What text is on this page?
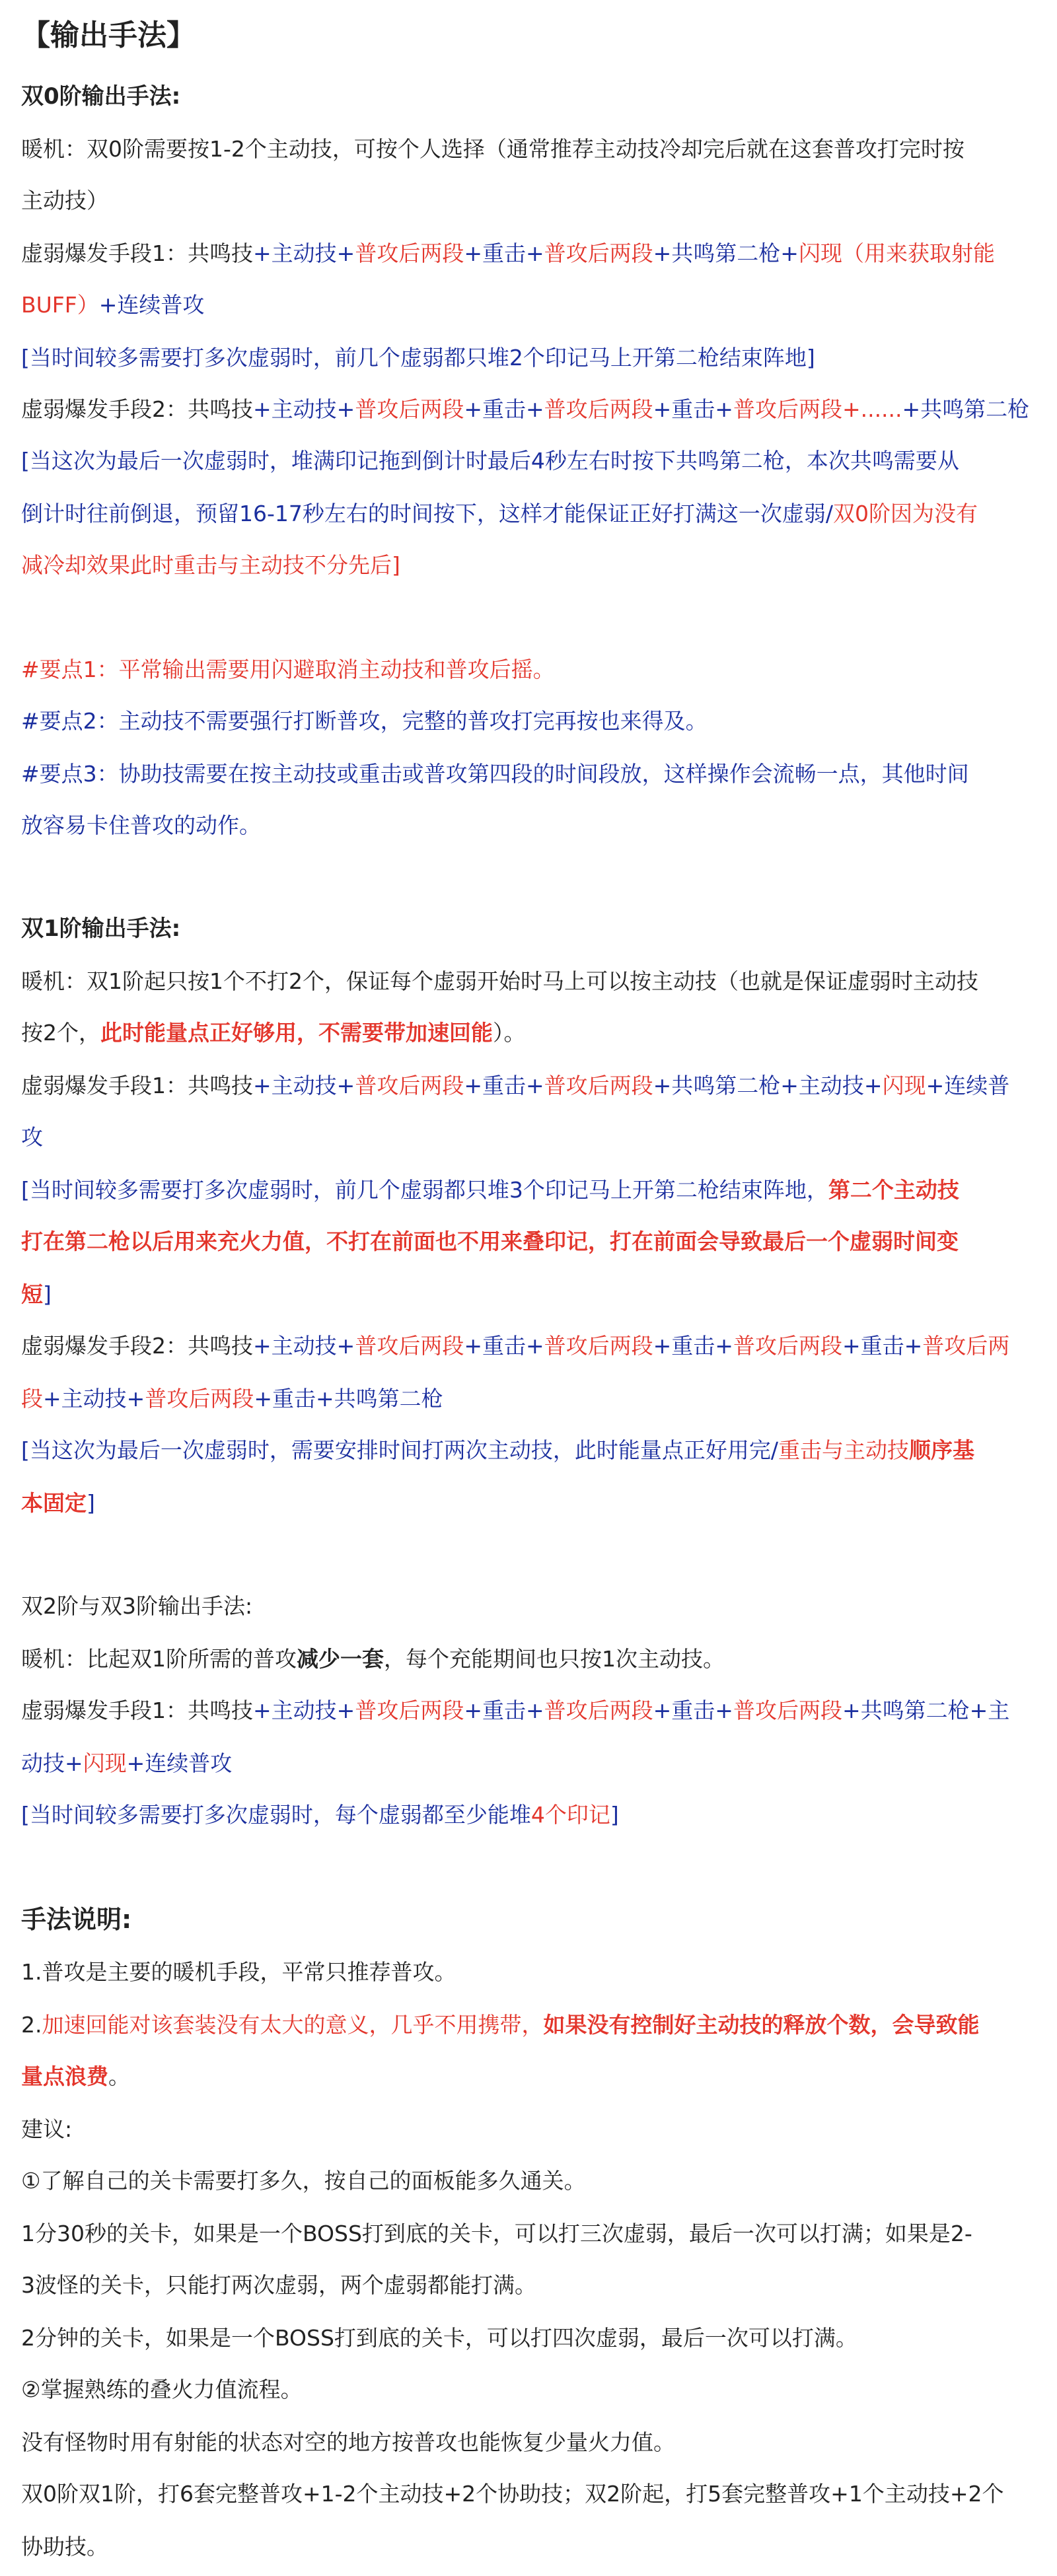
【输出手法】
双0阶输出手法:
暖机：双0阶需要按1-2个主动技，可按个人选择（通常推荐主动技冷却完后就在这套普攻打完时按
主动技）
虚弱爆发手段1：共鸣技+主动技+普攻后两段+重击+普攻后两段+共鸣第二枪+闪现（用来获取射能
BUFF）+连续普攻
[当时间较多需要打多次虚弱时，前几个虚弱都只堆2个印记马上开第二枪结束阵地]
虚弱爆发手段2：共鸣技+主动技+普攻后两段+重击+普攻后两段+重击+普攻后两段+......+共鸣第二枪
[当这次为最后一次虚弱时，堆满印记拖到倒计时最后4秒左右时按下共鸣第二枪，本次共鸣需要从
倒计时往前倒退，预留16-17秒左右的时间按下，这样才能保证正好打满这一次虚弱/双0阶因为没有
减冷却效果此时重击与主动技不分先后]
#要点1：平常输出需要用闪避取消主动技和普攻后摇。
#要点2：主动技不需要强行打断普攻，完整的普攻打完再按也来得及。
#要点3：协助技需要在按主动技或重击或普攻第四段的时间段放，这样操作会流畅一点，其他时间
放容易卡住普攻的动作。
双1阶输出手法:
暖机：双1阶起只按1个不打2个，保证每个虚弱开始时马上可以按主动技（也就是保证虚弱时主动技
按2个，此时能量点正好够用，不需要带加速回能）。
虚弱爆发手段1：共鸣技+主动技+普攻后两段+重击+普攻后两段+共鸣第二枪+主动技+闪现+连续普
攻
[当时间较多需要打多次虚弱时，前几个虚弱都只堆3个印记马上开第二枪结束阵地，第二个主动技
打在第二枪以后用来充火力值，不打在前面也不用来叠印记，打在前面会导致最后一个虚弱时间变
短]
虚弱爆发手段2：共鸣技+主动技+普攻后两段+重击+普攻后两段+重击+普攻后两段+重击+普攻后两
段+主动技+普攻后两段+重击+共鸣第二枪
[当这次为最后一次虚弱时，需要安排时间打两次主动技，此时能量点正好用完/重击与主动技顺序基
本固定]
双2阶与双3阶输出手法:
暖机：比起双1阶所需的普攻减少一套，每个充能期间也只按1次主动技。
虚弱爆发手段1：共鸣技+主动技+普攻后两段+重击+普攻后两段+重击+普攻后两段+共鸣第二枪+主
动技+闪现+连续普攻
[当时间较多需要打多次虚弱时，每个虚弱都至少能堆4个印记]
手法说明:
1.普攻是主要的暖机手段，平常只推荐普攻。
2.加速回能对该套装没有太大的意义，几乎不用携带，如果没有控制好主动技的释放个数，会导致能
量点浪费。
建议:
①了解自己的关卡需要打多久，按自己的面板能多久通关。
1分30秒的关卡，如果是一个BOSS打到底的关卡，可以打三次虚弱，最后一次可以打满；如果是2-
3波怪的关卡，只能打两次虚弱，两个虚弱都能打满。
2分钟的关卡，如果是一个BOSS打到底的关卡，可以打四次虚弱，最后一次可以打满。
②掌握熟练的叠火力值流程。
没有怪物时用有射能的状态对空的地方按普攻也能恢复少量火力值。
双0阶双1阶，打6套完整普攻+1-2个主动技+2个协助技；双2阶起，打5套完整普攻+1个主动技+2个
协助技。
